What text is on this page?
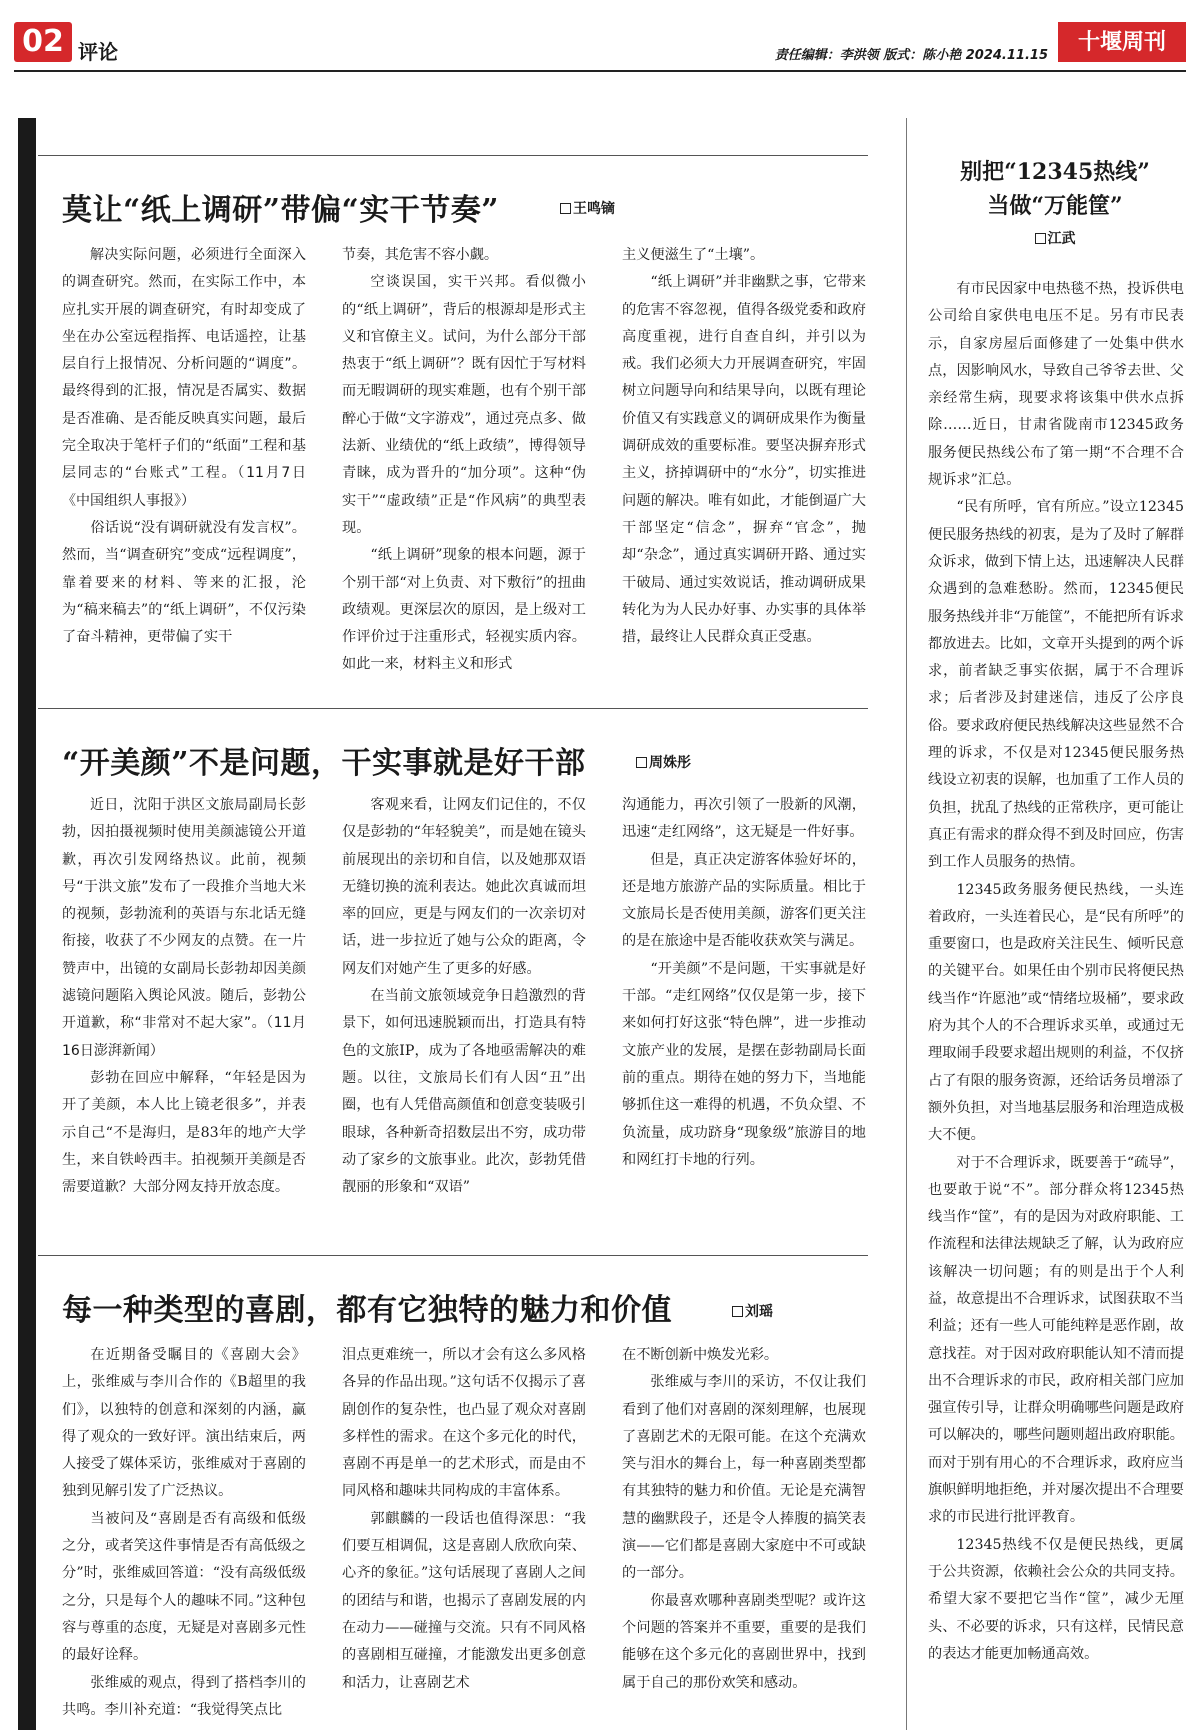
02 评论	责任编辑：李洪领 版式：陈小艳 2024.11.15
十堰周刊
莫让“纸上调研”带偏“实干节奏”	王鸣镝

解决实际问题，必须进行全面深入的调查研究。然而，在实际工作中，本应扎实开展的调查研究，有时却变成了坐在办公室远程指挥、电话遥控，让基层自行上报情况、分析问题的“调度”。最终得到的汇报，情况是否属实、数据是否准确、是否能反映真实问题，最后完全取决于笔杆子们的“纸面”工程和基层同志的“台账式”工程。（11月7日《中国组织人事报》）

俗话说“没有调研就没有发言权”。然而，当“调查研究”变成“远程调度”，靠着要来的材料、等来的汇报，沦为“稿来稿去”的“纸上调研”，不仅污染了奋斗精神，更带偏了实干

节奏，其危害不容小觑。

空谈误国，实干兴邦。看似微小的“纸上调研”，背后的根源却是形式主义和官僚主义。试问，为什么部分干部热衷于“纸上调研”？既有因忙于写材料而无暇调研的现实难题，也有个别干部醉心于做“文字游戏”，通过亮点多、做法新、业绩优的“纸上政绩”，博得领导青睐，成为晋升的“加分项”。这种“伪实干”“虚政绩”正是“作风病”的典型表现。

“纸上调研”现象的根本问题，源于个别干部“对上负责、对下敷衍”的扭曲政绩观。更深层次的原因，是上级对工作评价过于注重形式，轻视实质内容。如此一来，材料主义和形式

主义便滋生了“土壤”。

“纸上调研”并非幽默之事，它带来的危害不容忽视，值得各级党委和政府高度重视，进行自查自纠，并引以为戒。我们必须大力开展调查研究，牢固树立问题导向和结果导向，以既有理论价值又有实践意义的调研成果作为衡量调研成效的重要标准。要坚决摒弃形式主义，挤掉调研中的“水分”，切实推进问题的解决。唯有如此，才能倒逼广大干部坚定“信念”，摒弃“官念”，抛却“杂念”，通过真实调研开路、通过实干破局、通过实效说话，推动调研成果转化为为人民办好事、办实事的具体举措，最终让人民群众真正受惠。

“开美颜”不是问题，干实事就是好干部	周姝彤

近日，沈阳于洪区文旅局副局长彭勃，因拍摄视频时使用美颜滤镜公开道歉，再次引发网络热议。此前，视频号“于洪文旅”发布了一段推介当地大米的视频，彭勃流利的英语与东北话无缝衔接，收获了不少网友的点赞。在一片赞声中，出镜的女副局长彭勃却因美颜滤镜问题陷入舆论风波。随后，彭勃公开道歉，称“非常对不起大家”。（11月16日澎湃新闻）

彭勃在回应中解释，“年轻是因为开了美颜，本人比上镜老很多”，并表示自己“不是海归，是83年的地产大学生，来自铁岭西丰。拍视频开美颜是否需要道歉？大部分网友持开放态度。

客观来看，让网友们记住的，不仅仅是彭勃的“年轻貌美”，而是她在镜头前展现出的亲切和自信，以及她那双语无缝切换的流利表达。她此次真诚而坦率的回应，更是与网友们的一次亲切对话，进一步拉近了她与公众的距离，令网友们对她产生了更多的好感。

在当前文旅领域竞争日趋激烈的背景下，如何迅速脱颖而出，打造具有特色的文旅IP，成为了各地亟需解决的难题。以往，文旅局长们有人因“丑”出圈，也有人凭借高颜值和创意变装吸引眼球，各种新奇招数层出不穷，成功带动了家乡的文旅事业。此次，彭勃凭借靓丽的形象和“双语”

沟通能力，再次引领了一股新的风潮，迅速“走红网络”，这无疑是一件好事。

但是，真正决定游客体验好坏的，还是地方旅游产品的实际质量。相比于文旅局长是否使用美颜，游客们更关注的是在旅途中是否能收获欢笑与满足。

“开美颜”不是问题，干实事就是好干部。“走红网络”仅仅是第一步，接下来如何打好这张“特色牌”，进一步推动文旅产业的发展，是摆在彭勃副局长面前的重点。期待在她的努力下，当地能够抓住这一难得的机遇，不负众望、不负流量，成功跻身“现象级”旅游目的地和网红打卡地的行列。

每一种类型的喜剧，都有它独特的魅力和价值	刘瑶

在近期备受瞩目的《喜剧大会》上，张维威与李川合作的《B超里的我们》，以独特的创意和深刻的内涵，赢得了观众的一致好评。演出结束后，两人接受了媒体采访，张维威对于喜剧的独到见解引发了广泛热议。

当被问及“喜剧是否有高级和低级之分，或者笑这件事情是否有高低级之分”时，张维威回答道：“没有高级低级之分，只是每个人的趣味不同。”这种包容与尊重的态度，无疑是对喜剧多元性的最好诠释。

张维威的观点，得到了搭档李川的共鸣。李川补充道：“我觉得笑点比

泪点更难统一，所以才会有这么多风格各异的作品出现。”这句话不仅揭示了喜剧创作的复杂性，也凸显了观众对喜剧多样性的需求。在这个多元化的时代，喜剧不再是单一的艺术形式，而是由不同风格和趣味共同构成的丰富体系。

郭麒麟的一段话也值得深思：“我们要互相调侃，这是喜剧人欣欣向荣、心齐的象征。”这句话展现了喜剧人之间的团结与和谐，也揭示了喜剧发展的内在动力——碰撞与交流。只有不同风格的喜剧相互碰撞，才能激发出更多创意和活力，让喜剧艺术

在不断创新中焕发光彩。

张维威与李川的采访，不仅让我们看到了他们对喜剧的深刻理解，也展现了喜剧艺术的无限可能。在这个充满欢笑与泪水的舞台上，每一种喜剧类型都有其独特的魅力和价值。无论是充满智慧的幽默段子，还是令人捧腹的搞笑表演——它们都是喜剧大家庭中不可或缺的一部分。

你最喜欢哪种喜剧类型呢？或许这个问题的答案并不重要，重要的是我们能够在这个多元化的喜剧世界中，找到属于自己的那份欢笑和感动。

别把“12345热线”
当做“万能筐”
江武

有市民因家中电热毯不热，投诉供电公司给自家供电电压不足。另有市民表示，自家房屋后面修建了一处集中供水点，因影响风水，导致自己爷爷去世、父亲经常生病，现要求将该集中供水点拆除……近日，甘肃省陇南市12345政务服务便民热线公布了第一期“不合理不合规诉求”汇总。

“民有所呼，官有所应。”设立12345便民服务热线的初衷，是为了及时了解群众诉求，做到下情上达，迅速解决人民群众遇到的急难愁盼。然而，12345便民服务热线并非“万能筐”，不能把所有诉求都放进去。比如，文章开头提到的两个诉求，前者缺乏事实依据，属于不合理诉求；后者涉及封建迷信，违反了公序良俗。要求政府便民热线解决这些显然不合理的诉求，不仅是对12345便民服务热线设立初衷的误解，也加重了工作人员的负担，扰乱了热线的正常秩序，更可能让真正有需求的群众得不到及时回应，伤害到工作人员服务的热情。

12345政务服务便民热线，一头连着政府，一头连着民心，是“民有所呼”的重要窗口，也是政府关注民生、倾听民意的关键平台。如果任由个别市民将便民热线当作“许愿池”或“情绪垃圾桶”，要求政府为其个人的不合理诉求买单，或通过无理取闹手段要求超出规则的利益，不仅挤占了有限的服务资源，还给话务员增添了额外负担，对当地基层服务和治理造成极大不便。

对于不合理诉求，既要善于“疏导”，也要敢于说“不”。部分群众将12345热线当作“筐”，有的是因为对政府职能、工作流程和法律法规缺乏了解，认为政府应该解决一切问题；有的则是出于个人利益，故意提出不合理诉求，试图获取不当利益；还有一些人可能纯粹是恶作剧，故意找茬。对于因对政府职能认知不清而提出不合理诉求的市民，政府相关部门应加强宣传引导，让群众明确哪些问题是政府可以解决的，哪些问题则超出政府职能。而对于别有用心的不合理诉求，政府应当旗帜鲜明地拒绝，并对屡次提出不合理要求的市民进行批评教育。

12345热线不仅是便民热线，更属于公共资源，依赖社会公众的共同支持。希望大家不要把它当作“筐”，减少无厘头、不必要的诉求，只有这样，民情民意的表达才能更加畅通高效。
